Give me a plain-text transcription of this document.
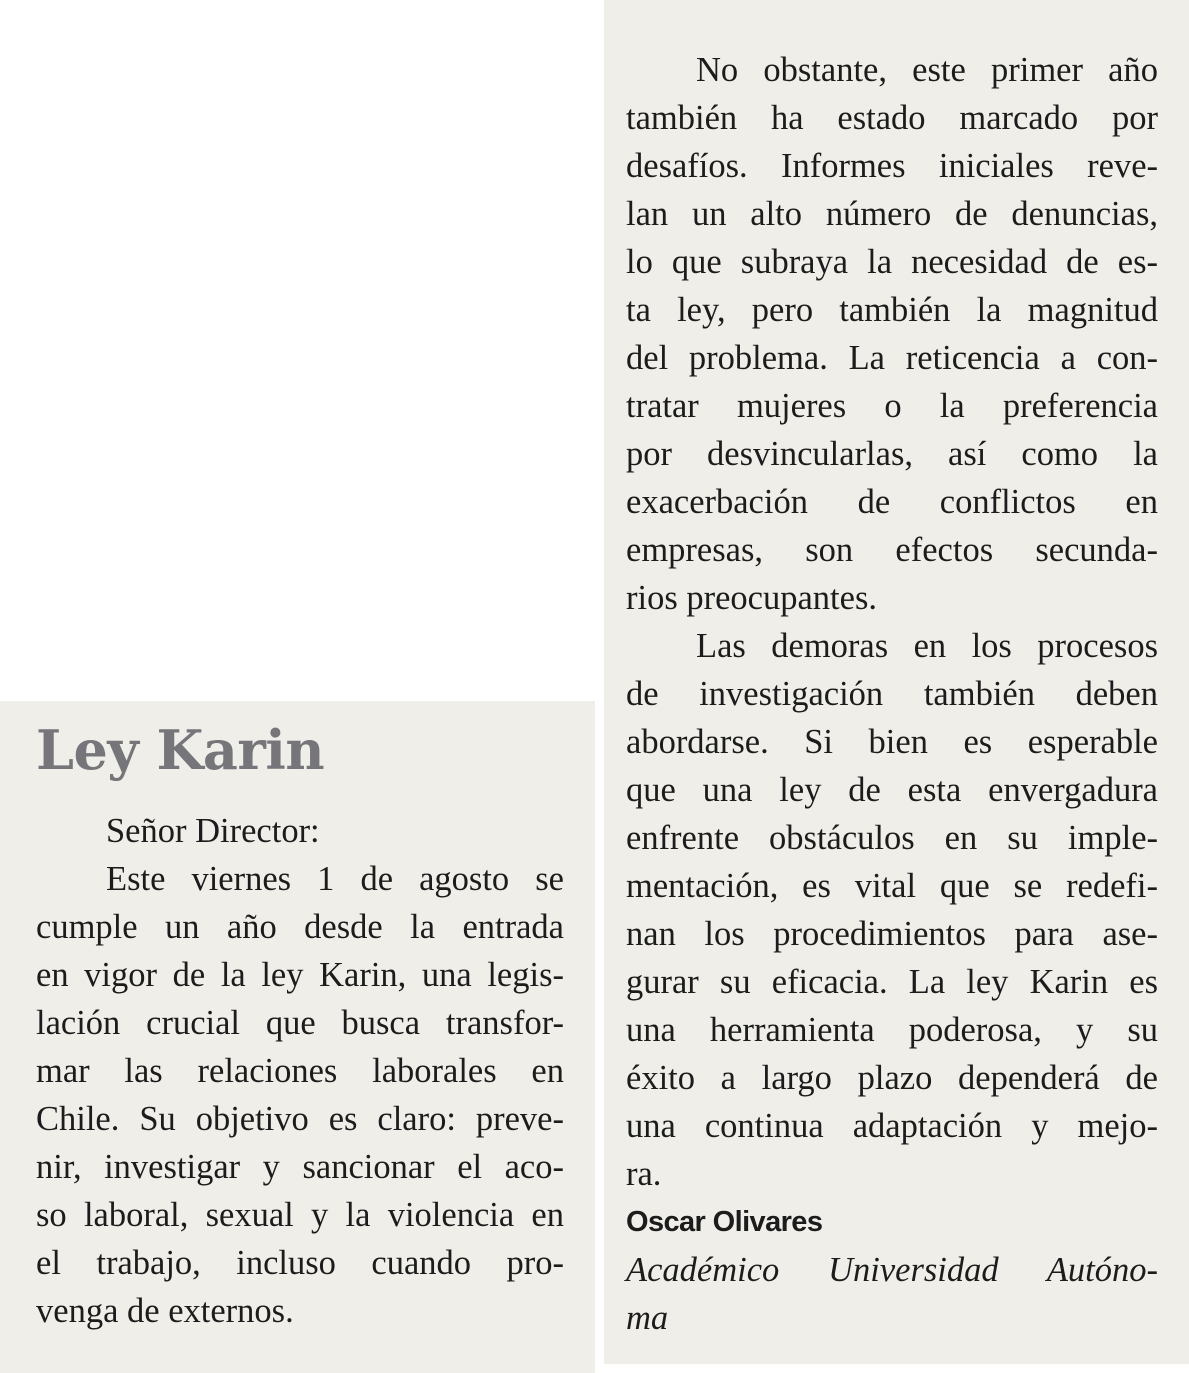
Ley Karin
Señor Director:
Este viernes 1 de agosto se
cumple un año desde la entrada
en vigor de la ley Karin, una legis-
lación crucial que busca transfor-
mar las relaciones laborales en
Chile. Su objetivo es claro: preve-
nir, investigar y sancionar el aco-
so laboral, sexual y la violencia en
el trabajo, incluso cuando pro-
venga de externos.
No obstante, este primer año
también ha estado marcado por
desafíos. Informes iniciales reve-
lan un alto número de denuncias,
lo que subraya la necesidad de es-
ta ley, pero también la magnitud
del problema. La reticencia a con-
tratar mujeres o la preferencia
por desvincularlas, así como la
exacerbación de conflictos en
empresas, son efectos secunda-
rios preocupantes.
Las demoras en los procesos
de investigación también deben
abordarse. Si bien es esperable
que una ley de esta envergadura
enfrente obstáculos en su imple-
mentación, es vital que se redefi-
nan los procedimientos para ase-
gurar su eficacia. La ley Karin es
una herramienta poderosa, y su
éxito a largo plazo dependerá de
una continua adaptación y mejo-
ra.
Oscar Olivares
Académico Universidad Autóno-
ma
